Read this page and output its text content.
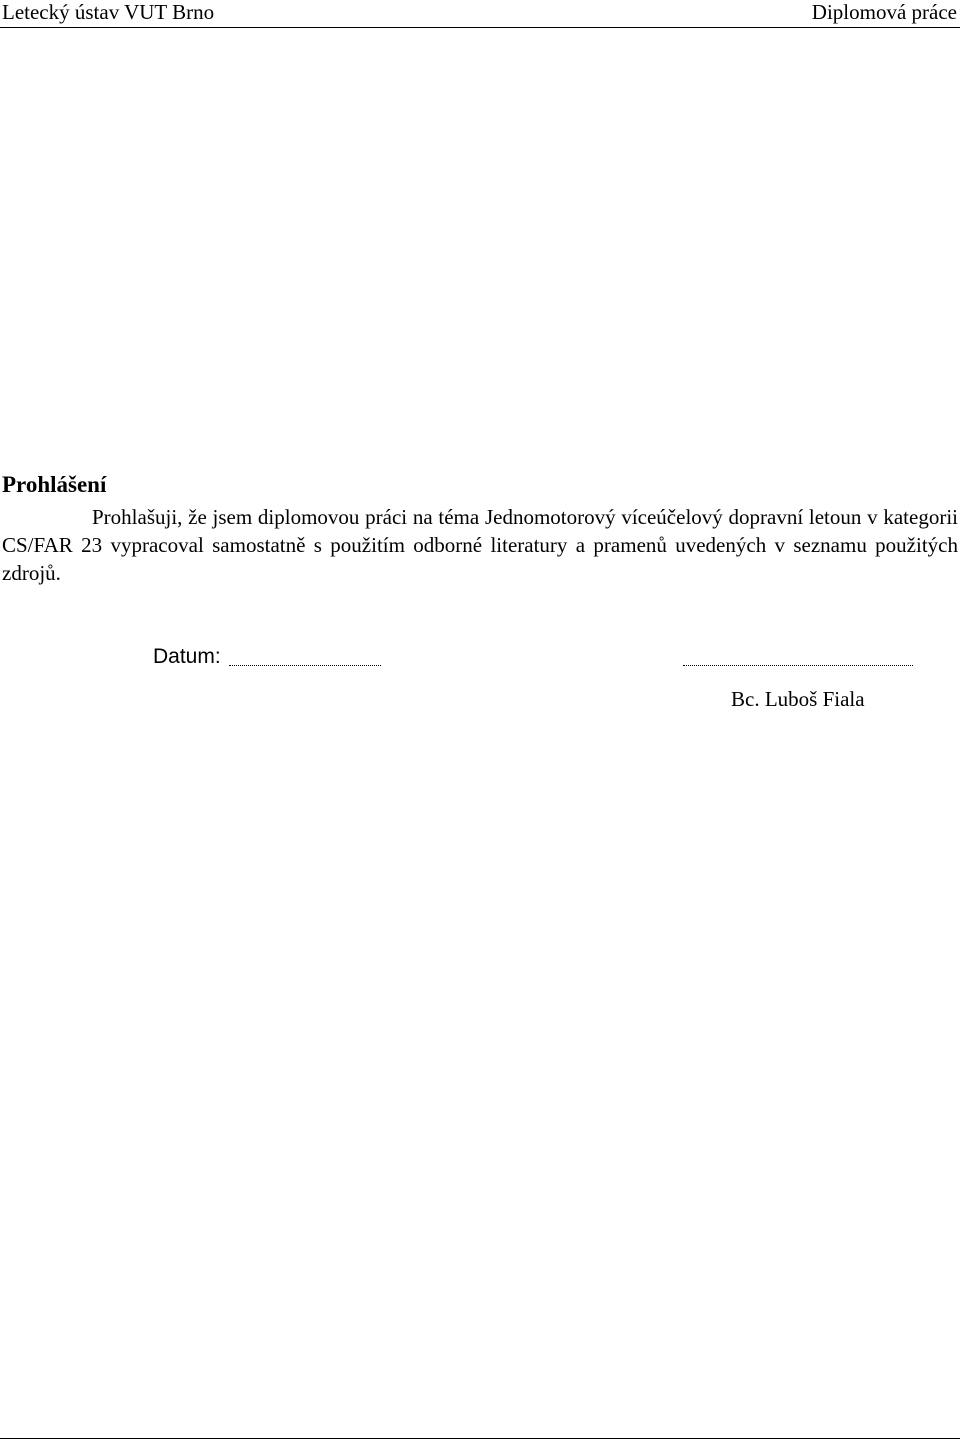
Letecký ústav VUT Brno	Diplomová práce
Prohlášení

Prohlašuji, že jsem diplomovou práci na téma Jednomotorový víceúčelový dopravní letoun v kategorii CS/FAR 23 vypracoval samostatně s použitím odborné literatury a pramenů uvedených v seznamu použitých zdrojů.

Datum:
Bc. Luboš Fiala
